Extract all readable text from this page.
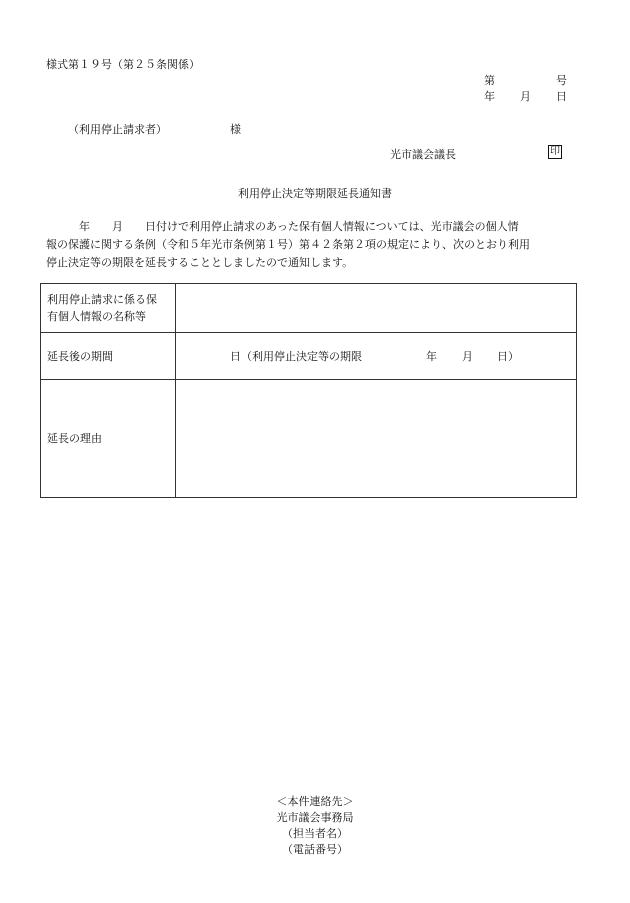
様式第１９号（第２５条関係）
第	号
年 月 日
（利用停止請求者）	様
光市議会議長	印
利用停止決定等期限延長通知書
　　　年　　月　　日付けで利用停止請求のあった保有個人情報については、光市議会の個人情
報の保護に関する条例（令和５年光市条例第１号）第４２条第２項の規定により、次のとおり利用
停止決定等の期限を延長することとしましたので通知します。
利用停止請求に係る保
有個人情報の名称等	

延長後の期間	日（利用停止決定等の期限 年 月 日）

延長の理由	
＜本件連絡先＞
光市議会事務局
（担当者名）
（電話番号）
